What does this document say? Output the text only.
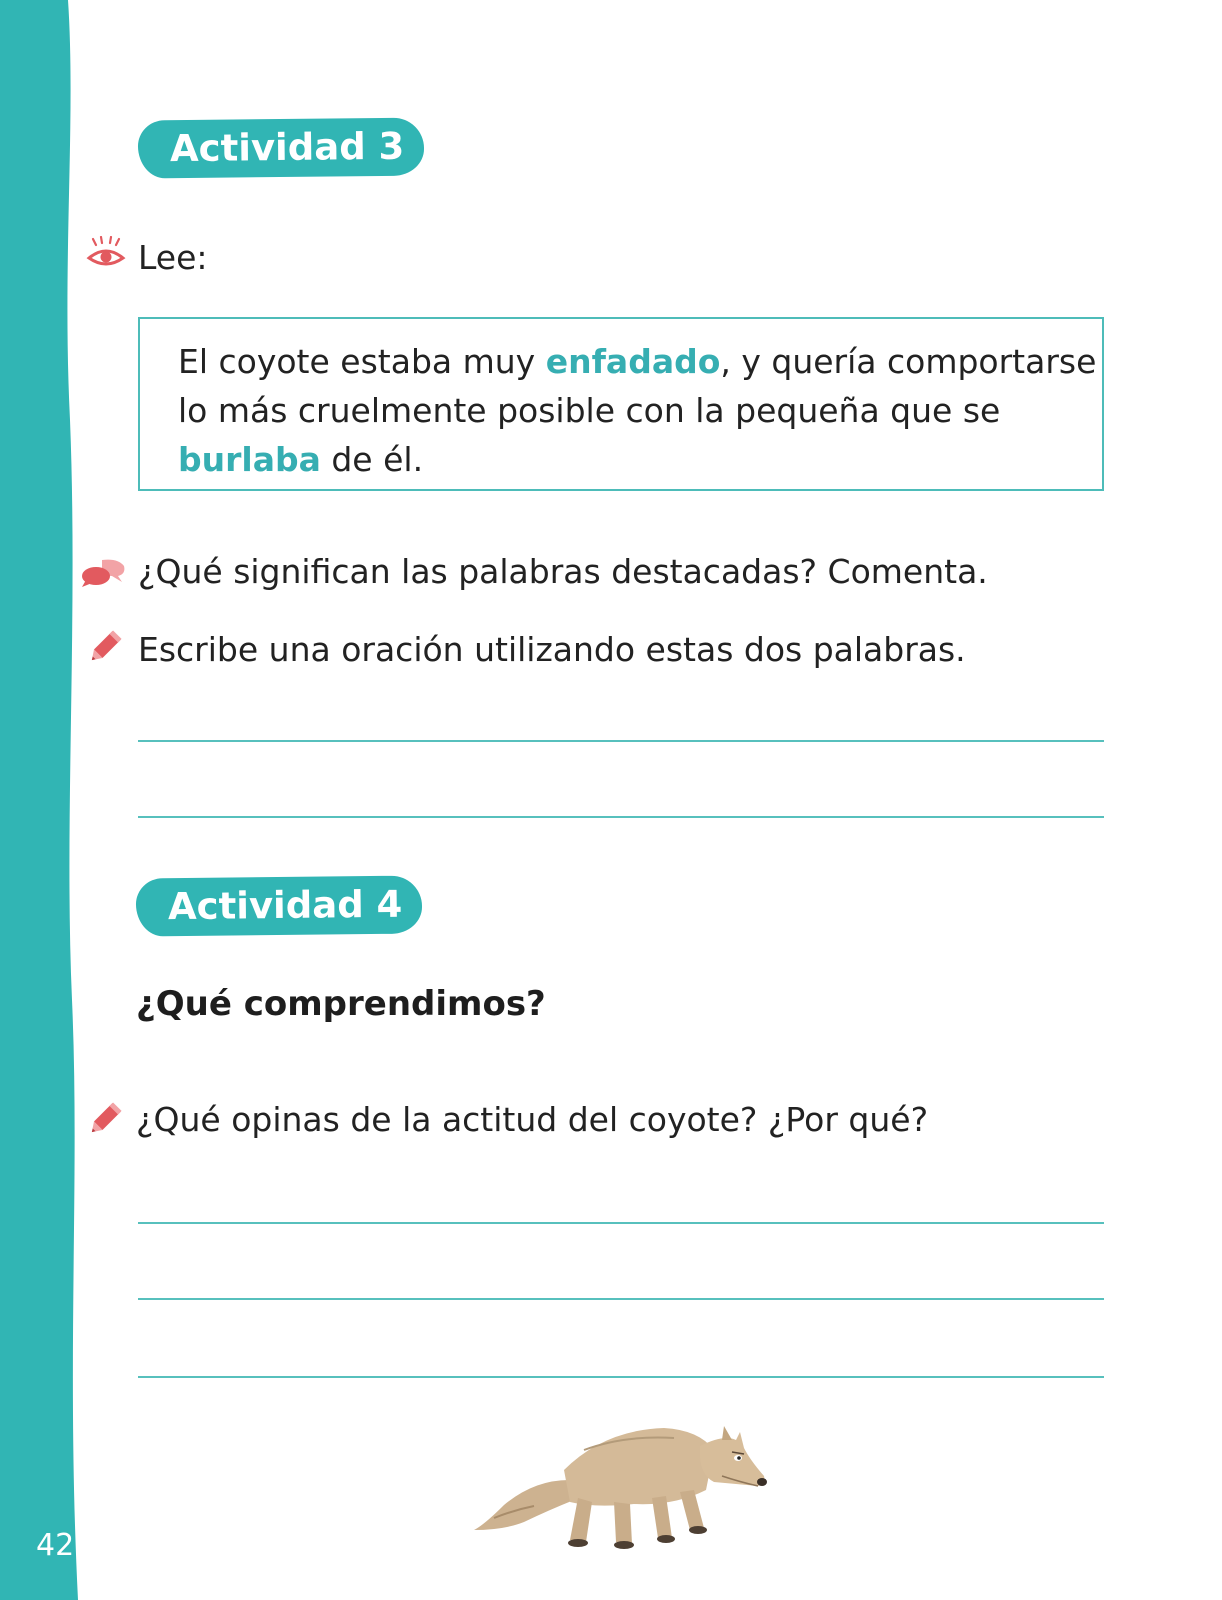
42
Actividad 3
Lee:
El coyote estaba muy enfadado, y quería comportarse
lo más cruelmente posible con la pequeña que se
burlaba de él.
¿Qué significan las palabras destacadas? Comenta.
Escribe una oración utilizando estas dos palabras.
Actividad 4
¿Qué comprendimos?
¿Qué opinas de la actitud del coyote? ¿Por qué?
